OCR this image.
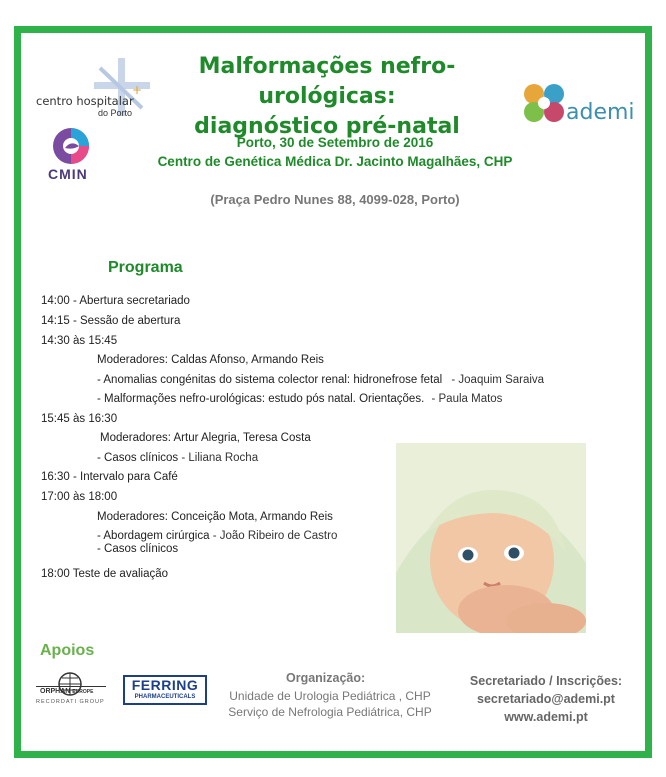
+
centro hospitalar
do Porto
CMIN
ademi
Malformações nefro-urológicas:
diagnóstico pré-natal
Porto, 30 de Setembro de 2016
Centro de Genética Médica Dr. Jacinto Magalhães, CHP
(Praça Pedro Nunes 88, 4099-028, Porto)
Programa
14:00 - Abertura secretariado
14:15 - Sessão de abertura
14:30 às 15:45
Moderadores: Caldas Afonso, Armando Reis
- Anomalias congénitas do sistema colector renal: hidronefrose fetal - Joaquim Saraiva
- Malformações nefro-urológicas: estudo pós natal. Orientações. - Paula Matos
15:45 às 16:30
Moderadores: Artur Alegria, Teresa Costa
- Casos clínicos - Liliana Rocha
16:30 - Intervalo para Café
17:00 às 18:00
Moderadores: Conceição Mota, Armando Reis
- Abordagem cirúrgica - João Ribeiro de Castro
- Casos clínicos
18:00 Teste de avaliação
Apoios
ORPHAN EUROPE
RECORDATI GROUP
FERRING
PHARMACEUTICALS
Organização:
Unidade de Urologia Pediátrica , CHP
Serviço de Nefrologia Pediátrica, CHP
Secretariado / Inscrições:
secretariado@ademi.pt
www.ademi.pt
